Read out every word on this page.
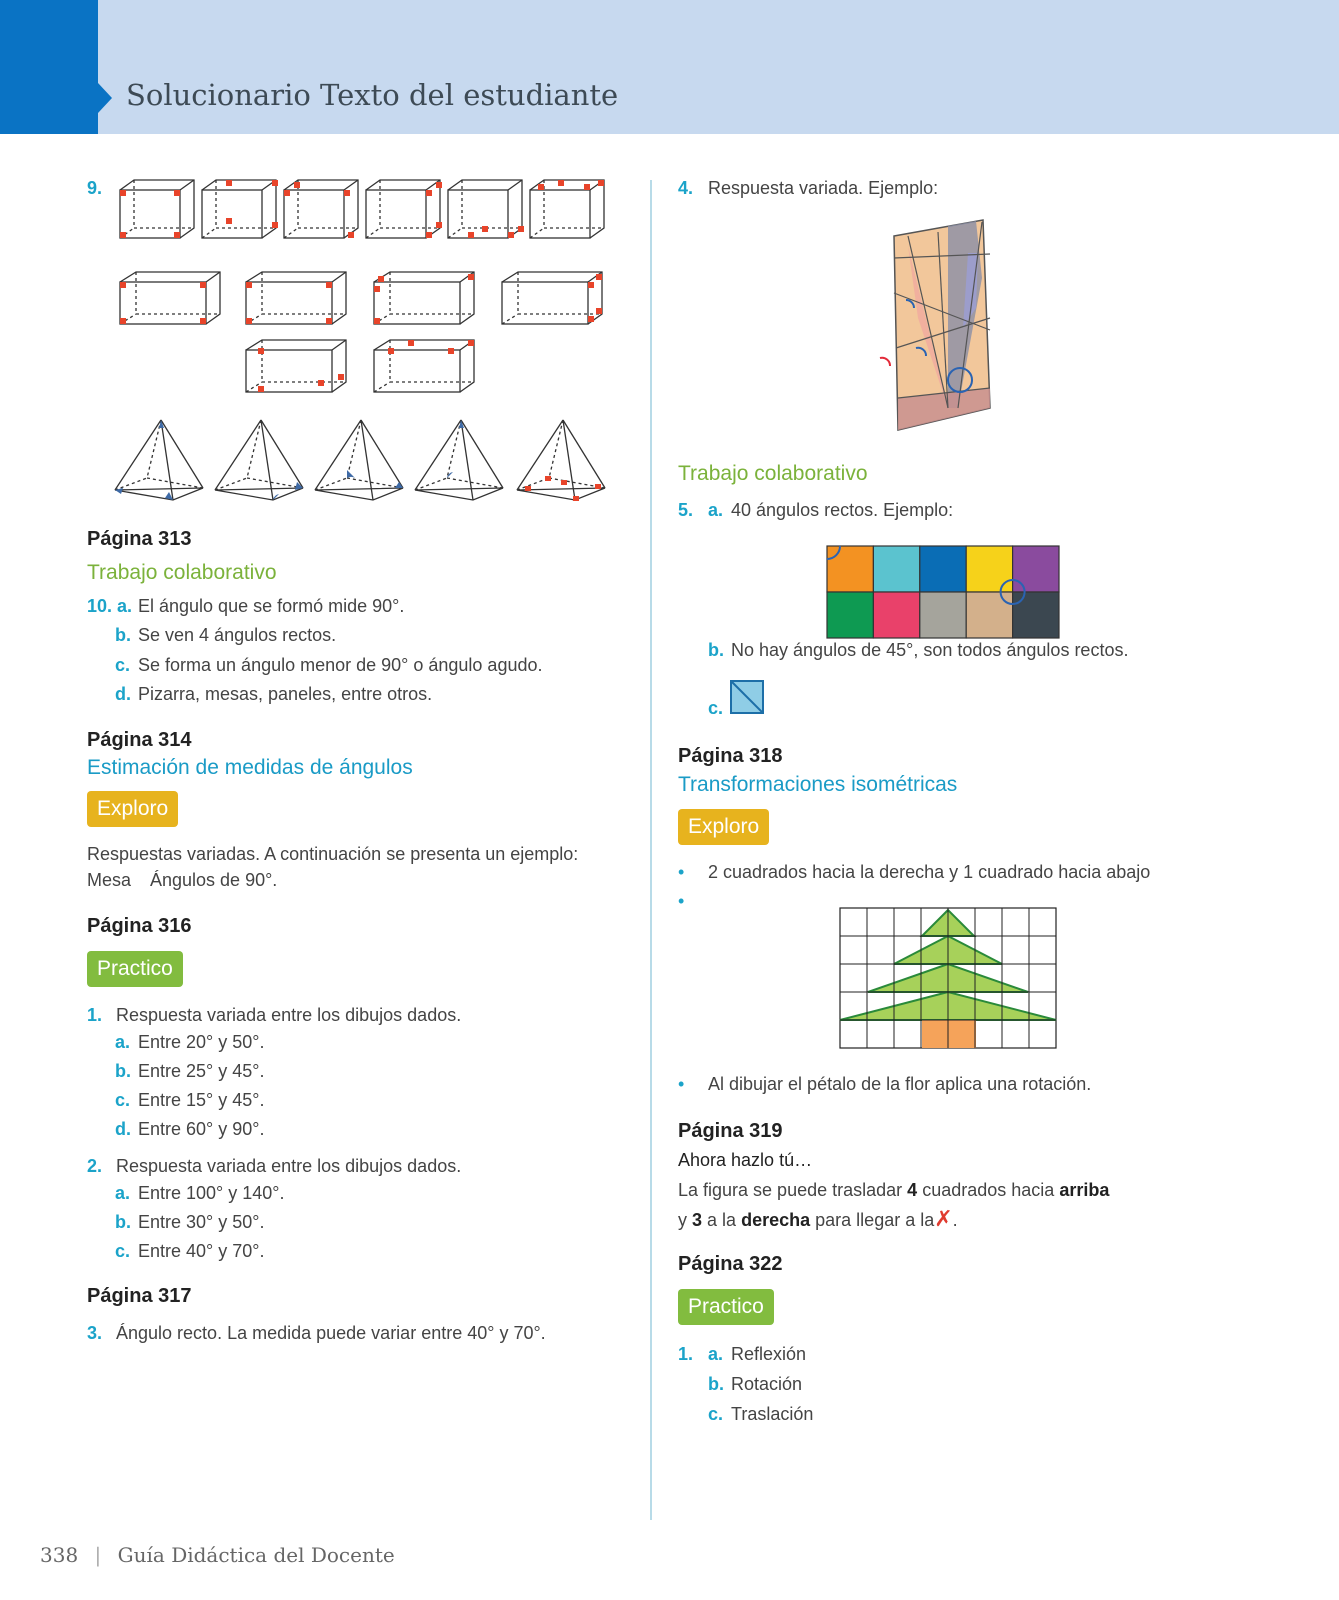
Solucionario Texto del estudiante
9.
Página 313
Trabajo colaborativo
10. a. El ángulo que se formó mide 90°.
b. Se ven 4 ángulos rectos.
c. Se forma un ángulo menor de 90° o ángulo agudo.
d. Pizarra, mesas, paneles, entre otros.
Página 314
Estimación de medidas de ángulos
Exploro
Respuestas variadas. A continuación se presenta un ejemplo:
Mesa Ángulos de 90°.
Página 316
Practico
1. Respuesta variada entre los dibujos dados.
a. Entre 20° y 50°.
b. Entre 25° y 45°.
c. Entre 15° y 45°.
d. Entre 60° y 90°.
2. Respuesta variada entre los dibujos dados.
a. Entre 100° y 140°.
b. Entre 30° y 50°.
c. Entre 40° y 70°.
Página 317
3. Ángulo recto. La medida puede variar entre 40° y 70°.
4. Respuesta variada. Ejemplo:
Trabajo colaborativo
5. a. 40 ángulos rectos. Ejemplo:
b. No hay ángulos de 45°, son todos ángulos rectos.
c.
Página 318
Transformaciones isométricas
Exploro
• 2 cuadrados hacia la derecha y 1 cuadrado hacia abajo
•
• Al dibujar el pétalo de la flor aplica una rotación.
Página 319
Ahora hazlo tú…
La figura se puede trasladar 4 cuadrados hacia arriba
y 3 a la derecha para llegar a la✗.
Página 322
Practico
1. a. Reflexión
b. Rotación
c. Traslación
338 | Guía Didáctica del Docente
